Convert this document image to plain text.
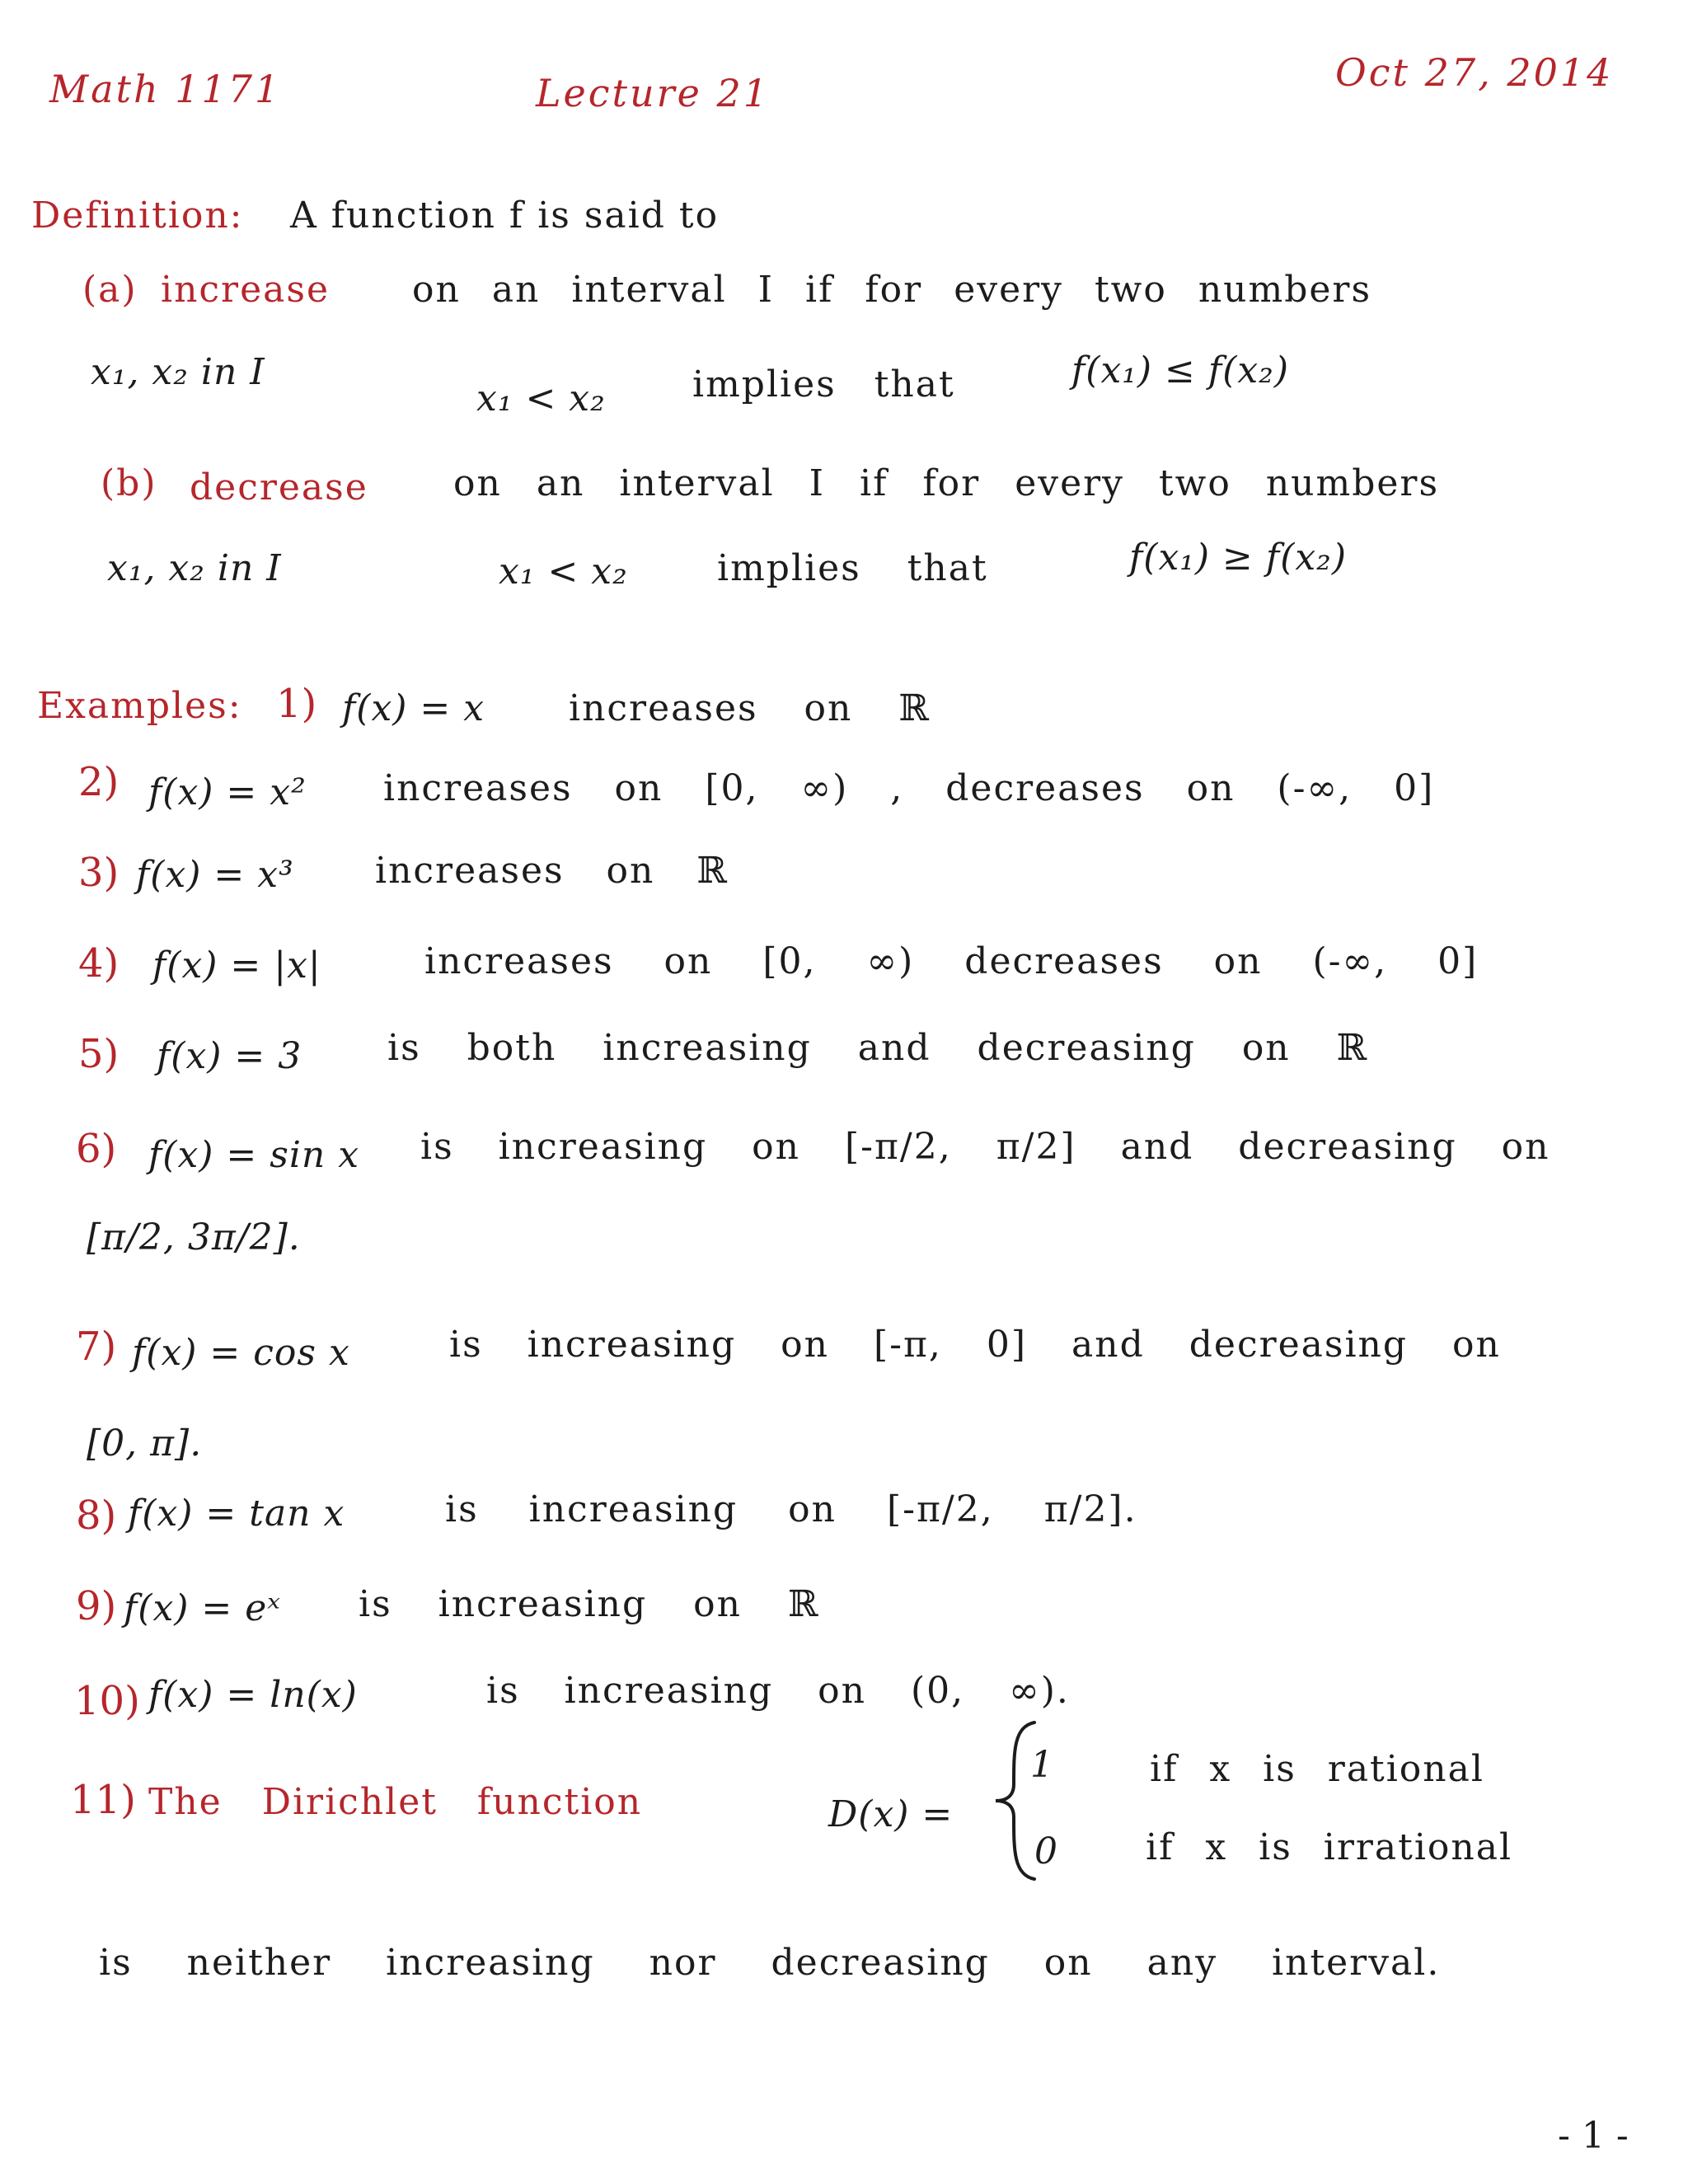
Math 1171	Lecture 21	Oct 27, 2014
Definition: A function f is said to
(a) increase on an interval I if for every two numbers
x₁, x₂ in I
x₁ < x₂ implies that	f(x₁) ≤ f(x₂)
(b) decrease on an interval I if for every two numbers
x₁, x₂ in I	x₁ < x₂ implies that	f(x₁) ≥ f(x₂)
Examples: 1) f(x) = x increases on ℝ
2) f(x) = x² increases on [0, ∞) , decreases on (-∞, 0]
3) f(x) = x³ increases on ℝ
4) f(x) = |x|	increases on [0, ∞) decreases on (-∞, 0]
5) f(x) = 3 is both increasing and decreasing on ℝ
6) f(x) = sin x is increasing on [-π/2, π/2] and decreasing on
[π/2, 3π/2].
7) f(x) = cos x	is increasing on [-π, 0] and decreasing on
[0, π].
8) f(x) = tan x	is increasing on [-π/2, π/2].
9) f(x) = eˣ is increasing on ℝ
10) f(x) = ln(x)	is increasing on (0, ∞).
11) The Dirichlet function	D(x) =
1	if x is rational
0 if x is irrational
is neither increasing nor decreasing on any interval.
- 1 -
